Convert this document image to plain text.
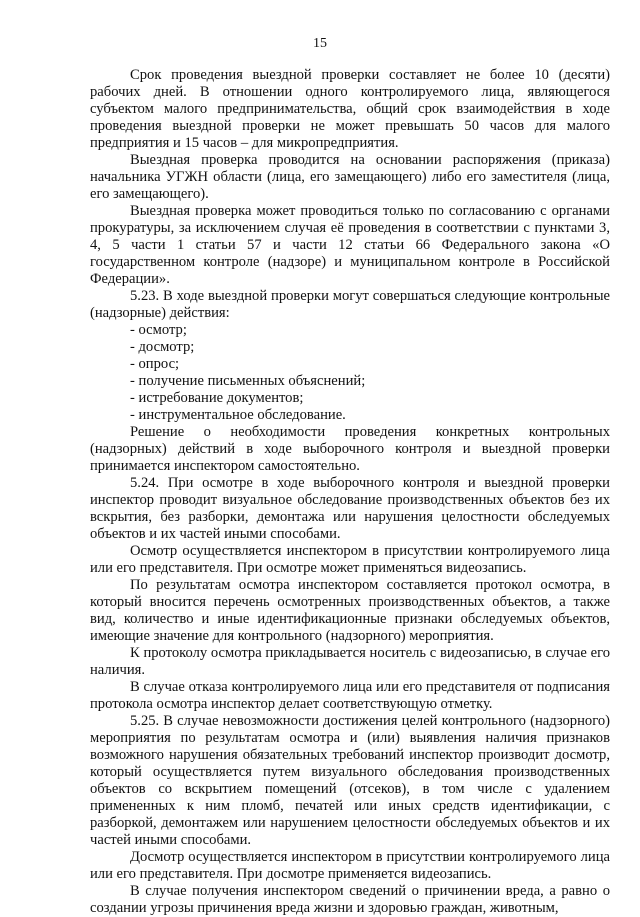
15

Срок проведения выездной проверки составляет не более 10 (десяти) рабочих дней. В отношении одного контролируемого лица, являющегося субъектом малого предпринимательства, общий срок взаимодействия в ходе проведения выездной проверки не может превышать 50 часов для малого предприятия и 15 часов – для микропредприятия.

Выездная проверка проводится на основании распоряжения (приказа) начальника УГЖН области (лица, его замещающего) либо его заместителя (лица, его замещающего).

Выездная проверка может проводиться только по согласованию с органами прокуратуры, за исключением случая её проведения в соответствии с пунктами 3, 4, 5 части 1 статьи 57 и части 12 статьи 66 Федерального закона «О государственном контроле (надзоре) и муниципальном контроле в Российской Федерации».

5.23. В ходе выездной проверки могут совершаться следующие контрольные (надзорные) действия:

- осмотр;
- досмотр;
- опрос;
- получение письменных объяснений;
- истребование документов;
- инструментальное обследование.

Решение о необходимости проведения конкретных контрольных (надзорных) действий в ходе выборочного контроля и выездной проверки принимается инспектором самостоятельно.

5.24. При осмотре в ходе выборочного контроля и выездной проверки инспектор проводит визуальное обследование производственных объектов без их вскрытия, без разборки, демонтажа или нарушения целостности обследуемых объектов и их частей иными способами.

Осмотр осуществляется инспектором в присутствии контролируемого лица или его представителя. При осмотре может применяться видеозапись.

По результатам осмотра инспектором составляется протокол осмотра, в который вносится перечень осмотренных производственных объектов, а также вид, количество и иные идентификационные признаки обследуемых объектов, имеющие значение для контрольного (надзорного) мероприятия.

К протоколу осмотра прикладывается носитель с видеозаписью, в случае его наличия.

В случае отказа контролируемого лица или его представителя от подписания протокола осмотра инспектор делает соответствующую отметку.

5.25. В случае невозможности достижения целей контрольного (надзорного) мероприятия по результатам осмотра и (или) выявления наличия признаков возможного нарушения обязательных требований инспектор производит досмотр, который осуществляется путем визуального обследования производственных объектов со вскрытием помещений (отсеков), в том числе с удалением примененных к ним пломб, печатей или иных средств идентификации, с разборкой, демонтажем или нарушением целостности обследуемых объектов и их частей иными способами.

Досмотр осуществляется инспектором в присутствии контролируемого лица или его представителя. При досмотре применяется видеозапись.

В случае получения инспектором сведений о причинении вреда, а равно о создании угрозы причинения вреда жизни и здоровью граждан, животным,
